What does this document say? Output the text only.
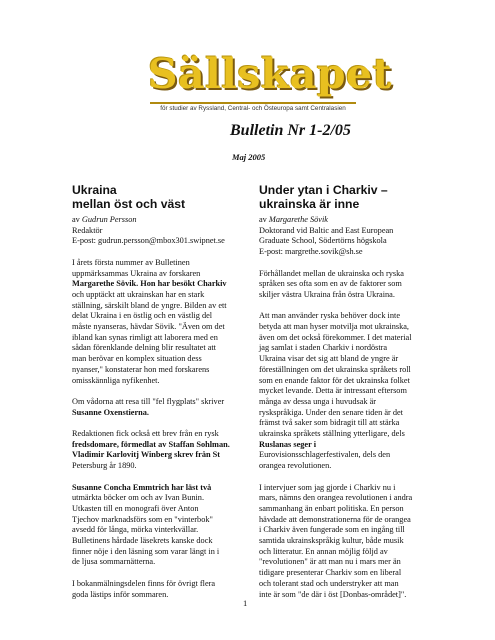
Sällskapet
för studier av Ryssland, Central- och Östeuropa samt Centralasien
Bulletin Nr 1-2/05
Maj 2005
Ukraina
mellan öst och väst

av Gudrun Persson
Redaktör
E-post: gudrun.persson@mbox301.swipnet.se

I årets första nummer av Bulletinen
uppmärksammas Ukraina av forskaren
Margarethe Sövik. Hon har besökt Charkiv
och upptäckt att ukrainskan har en stark
ställning, särskilt bland de yngre. Bilden av ett
delat Ukraina i en östlig och en västlig del
måste nyanseras, hävdar Sövik. "Även om det
ibland kan synas rimligt att laborera med en
sådan förenklande delning blir resultatet att
man berövar en komplex situation dess
nyanser," konstaterar hon med forskarens
omisskännliga nyfikenhet.

Om vådorna att resa till "fel flygplats" skriver
Susanne Oxenstierna.

Redaktionen fick också ett brev från en rysk
fredsdomare, förmedlat av Staffan Sohlman.
Vladimir Karlovitj Winberg skrev från St
Petersburg år 1890.

Susanne Concha Emmtrich har läst två
utmärkta böcker om och av Ivan Bunin.
Utkasten till en monografi över Anton
Tjechov marknadsförs som en "vinterbok"
avsedd för långa, mörka vinterkvällar.
Bulletinens hårdade läsekrets kanske dock
finner nöje i den läsning som varar längt in i
de ljusa sommarnätterna.

I bokanmälningsdelen finns för övrigt flera
goda lästips inför sommaren.

Under ytan i Charkiv –
ukrainska är inne

av Margarethe Sövik
Doktorand vid Baltic and East European
Graduate School, Södertörns högskola
E-post: margrethe.sovik@sh.se

Förhållandet mellan de ukrainska och ryska
språken ses ofta som en av de faktorer som
skiljer västra Ukraina från östra Ukraina.

Att man använder ryska behöver dock inte
betyda att man hyser motvilja mot ukrainska,
även om det också förekommer. I det material
jag samlat i staden Charkiv i nordöstra
Ukraina visar det sig att bland de yngre är
föreställningen om det ukrainska språkets roll
som en enande faktor för det ukrainska folket
mycket levande. Detta är intressant eftersom
många av dessa unga i huvudsak är
ryskspråkiga. Under den senare tiden är det
främst två saker som bidragit till att stärka
ukrainska språkets ställning ytterligare, dels
Ruslanas seger i
Eurovisionsschlagerfestivalen, dels den
orangea revolutionen.

I intervjuer som jag gjorde i Charkiv nu i
mars, nämns den orangea revolutionen i andra
sammanhang än enbart politiska. En person
hävdade att demonstrationerna för de orangea
i Charkiv även fungerade som en ingång till
samtida ukrainskspråkig kultur, både musik
och litteratur. En annan möjlig följd av
"revolutionen" är att man nu i mars mer än
tidigare presenterar Charkiv som en liberal
och tolerant stad och understryker att man
inte är som "de där i öst [Donbas-området]".

1
